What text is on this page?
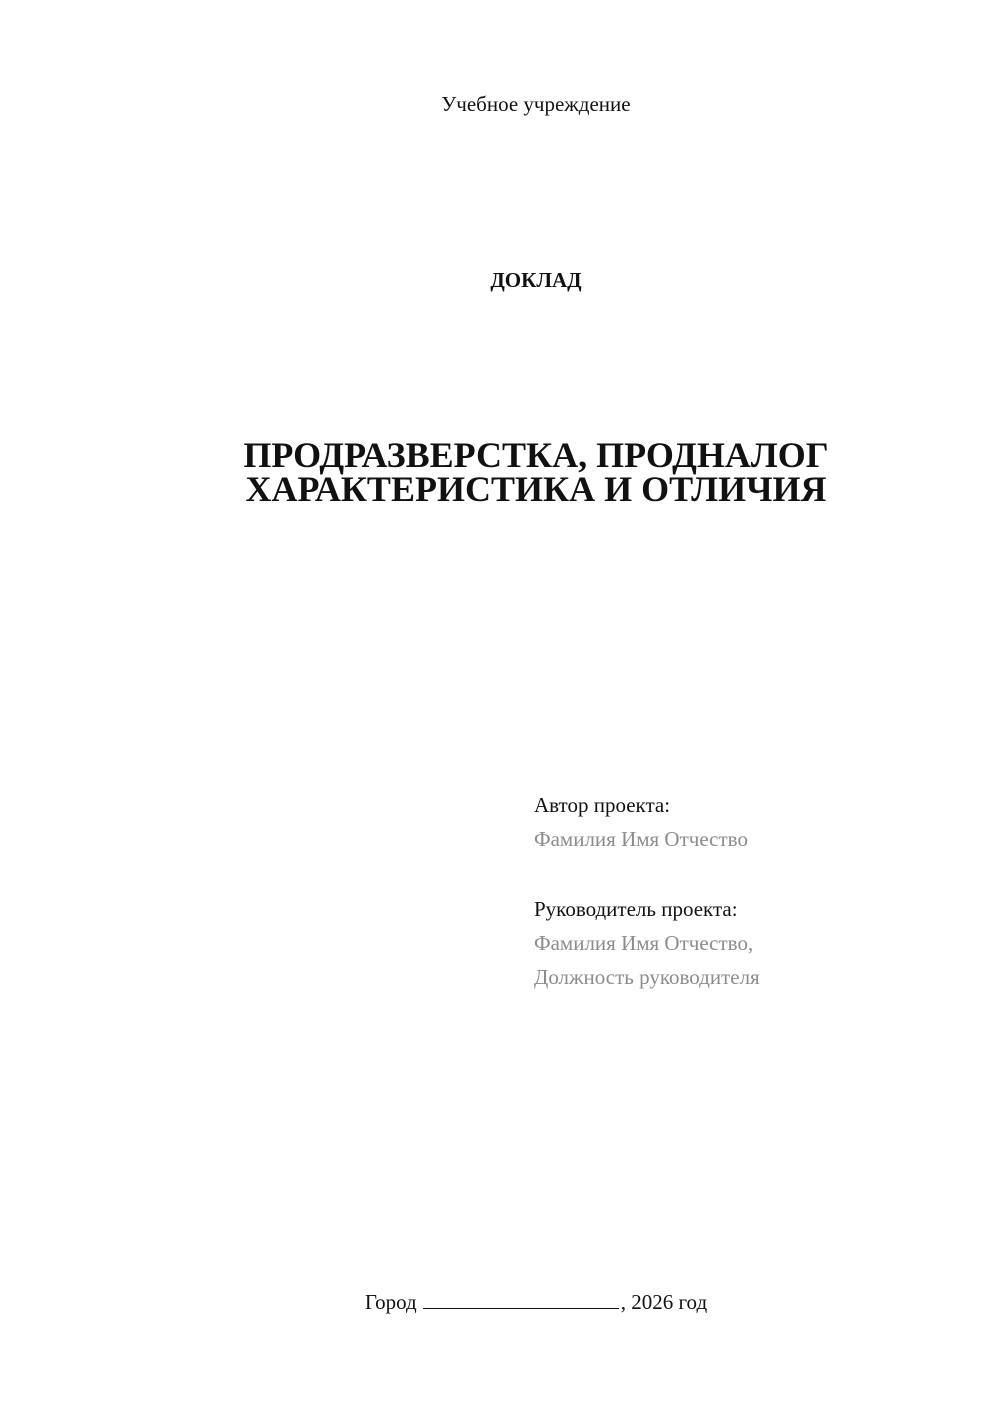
Учебное учреждение
ДОКЛАД
ПРОДРАЗВЕРСТКА, ПРОДНАЛОГ
ХАРАКТЕРИСТИКА И ОТЛИЧИЯ
Автор проекта:
Фамилия Имя Отчество
Руководитель проекта:
Фамилия Имя Отчество,
Должность руководителя
Город	, 2026 год
